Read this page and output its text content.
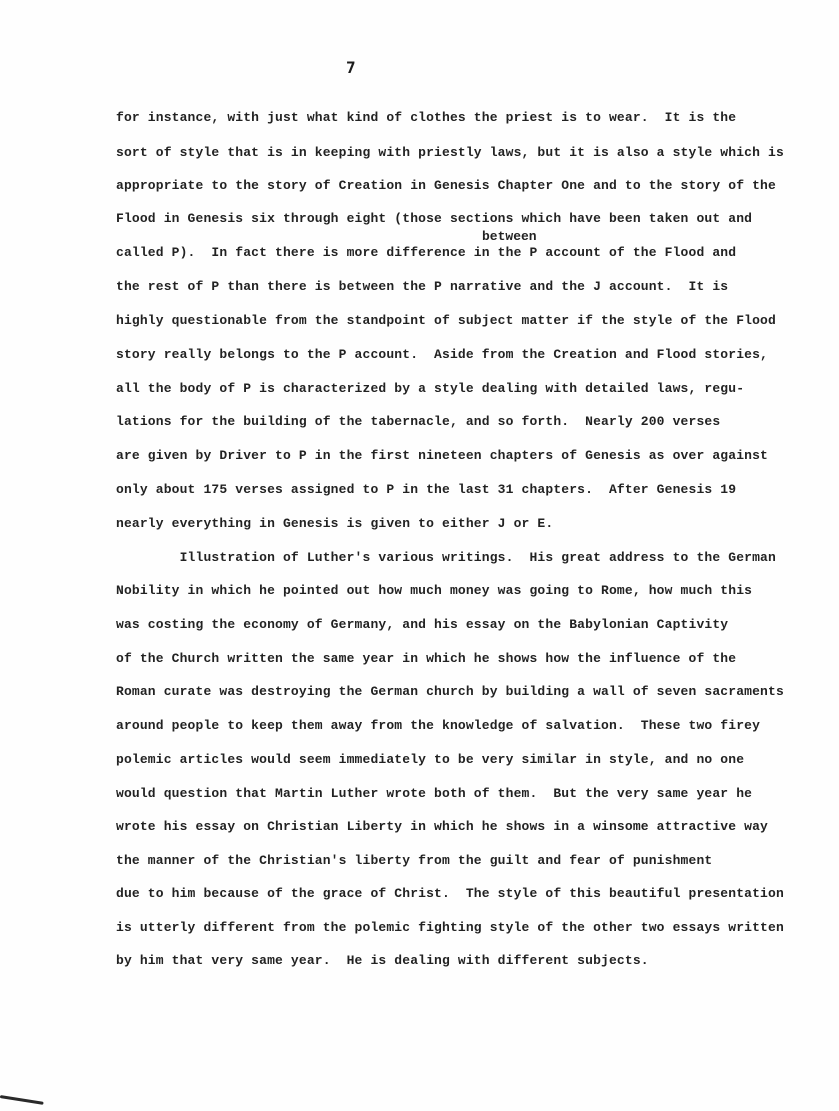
7
between
for instance, with just what kind of clothes the priest is to wear.  It is the
sort of style that is in keeping with priestly laws, but it is also a style which is
appropriate to the story of Creation in Genesis Chapter One and to the story of the
Flood in Genesis six through eight (those sections which have been taken out and
called P).  In fact there is more difference in the P account of the Flood and
the rest of P than there is between the P narrative and the J account.  It is
highly questionable from the standpoint of subject matter if the style of the Flood
story really belongs to the P account.  Aside from the Creation and Flood stories,
all the body of P is characterized by a style dealing with detailed laws, regu-
lations for the building of the tabernacle, and so forth.  Nearly 200 verses
are given by Driver to P in the first nineteen chapters of Genesis as over against
only about 175 verses assigned to P in the last 31 chapters.  After Genesis 19
nearly everything in Genesis is given to either J or E.
Illustration of Luther's various writings.  His great address to the German
Nobility in which he pointed out how much money was going to Rome, how much this
was costing the economy of Germany, and his essay on the Babylonian Captivity
of the Church written the same year in which he shows how the influence of the
Roman curate was destroying the German church by building a wall of seven sacraments
around people to keep them away from the knowledge of salvation.  These two firey
polemic articles would seem immediately to be very similar in style, and no one
would question that Martin Luther wrote both of them.  But the very same year he
wrote his essay on Christian Liberty in which he shows in a winsome attractive way
the manner of the Christian's liberty from the guilt and fear of punishment
due to him because of the grace of Christ.  The style of this beautiful presentation
is utterly different from the polemic fighting style of the other two essays written
by him that very same year.  He is dealing with different subjects.
